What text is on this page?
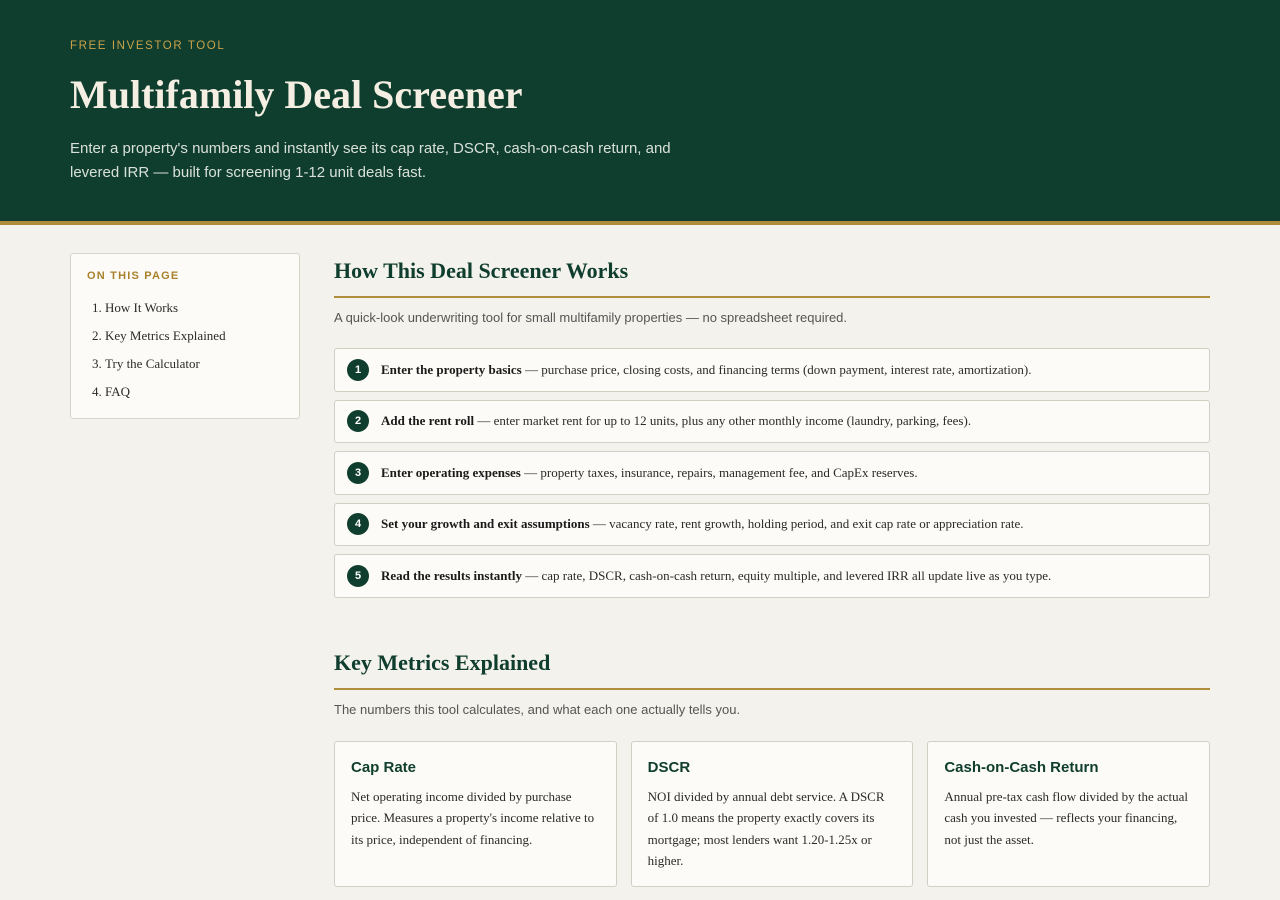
FREE INVESTOR TOOL
Multifamily Deal Screener

Enter a property's numbers and instantly see its cap rate, DSCR, cash-on-cash return, and levered IRR — built for screening 1-12 unit deals fast.

ON THIS PAGE
1. How It Works
2. Key Metrics Explained
3. Try the Calculator
4. FAQ
How This Deal Screener Works
A quick-look underwriting tool for small multifamily properties — no spreadsheet required.
1	Enter the property basics — purchase price, closing costs, and financing terms (down payment, interest rate, amortization).
2	Add the rent roll — enter market rent for up to 12 units, plus any other monthly income (laundry, parking, fees).
3	Enter operating expenses — property taxes, insurance, repairs, management fee, and CapEx reserves.
4	Set your growth and exit assumptions — vacancy rate, rent growth, holding period, and exit cap rate or appreciation rate.
5	Read the results instantly — cap rate, DSCR, cash-on-cash return, equity multiple, and levered IRR all update live as you type.
Key Metrics Explained
The numbers this tool calculates, and what each one actually tells you.
Cap Rate

Net operating income divided by purchase price. Measures a property's income relative to its price, independent of financing.

DSCR

NOI divided by annual debt service. A DSCR of 1.0 means the property exactly covers its mortgage; most lenders want 1.20-1.25x or higher.

Cash-on-Cash Return

Annual pre-tax cash flow divided by the actual cash you invested — reflects your financing, not just the asset.
